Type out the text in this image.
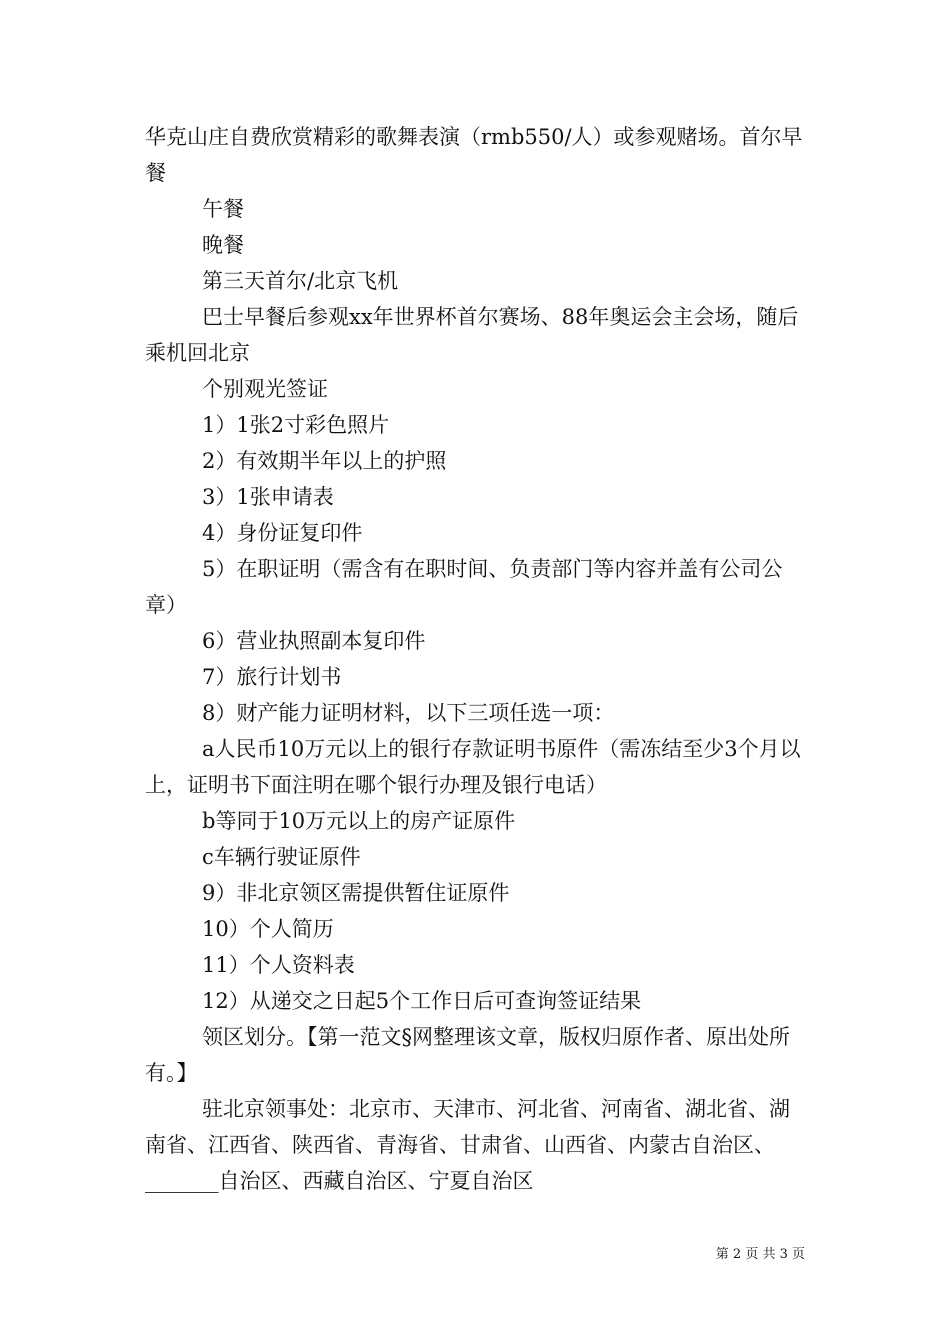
华克山庄自费欣赏精彩的歌舞表演（rmb550/人）或参观赌场。首尔早餐

午餐

晚餐

第三天首尔/北京飞机

巴士早餐后参观xx年世界杯首尔赛场、88年奥运会主会场，随后乘机回北京

个别观光签证

1）1张2寸彩色照片

2）有效期半年以上的护照

3）1张申请表

4）身份证复印件

5）在职证明（需含有在职时间、负责部门等内容并盖有公司公章）

6）营业执照副本复印件

7）旅行计划书

8）财产能力证明材料，以下三项任选一项：

a人民币10万元以上的银行存款证明书原件（需冻结至少3个月以上，证明书下面注明在哪个银行办理及银行电话）

b等同于10万元以上的房产证原件

c车辆行驶证原件

9）非北京领区需提供暂住证原件

10）个人简历

11）个人资料表

12）从递交之日起5个工作日后可查询签证结果

领区划分。【第一范文§网整理该文章，版权归原作者、原出处所有。】

驻北京领事处：北京市、天津市、河北省、河南省、湖北省、湖南省、江西省、陕西省、青海省、甘肃省、山西省、内蒙古自治区、_______自治区、西藏自治区、宁夏自治区

第 2 页 共 3 页
